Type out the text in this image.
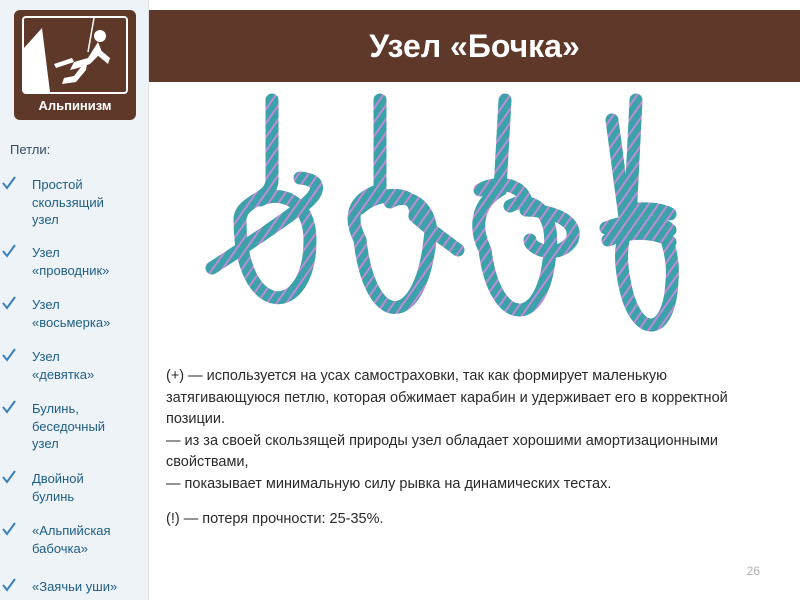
Альпинизм
Петли:
Простой
скользящий
узел
Узел
«проводник»
Узел
«восьмерка»
Узел
«девятка»
Булинь,
беседочный
узел
Двойной
булинь
«Альпийская
бабочка»
«Заячьи уши»
Узел «Бочка»

(+) — используется на усах самостраховки, так как формирует маленькую затягивающуюся петлю, которая обжимает карабин и удерживает его в корректной позиции.

— из за своей скользящей природы узел обладает хорошими амортизационными свойствами,

— показывает минимальную силу рывка на динамических тестах.

(!) — потеря прочности: 25-35%.

26
